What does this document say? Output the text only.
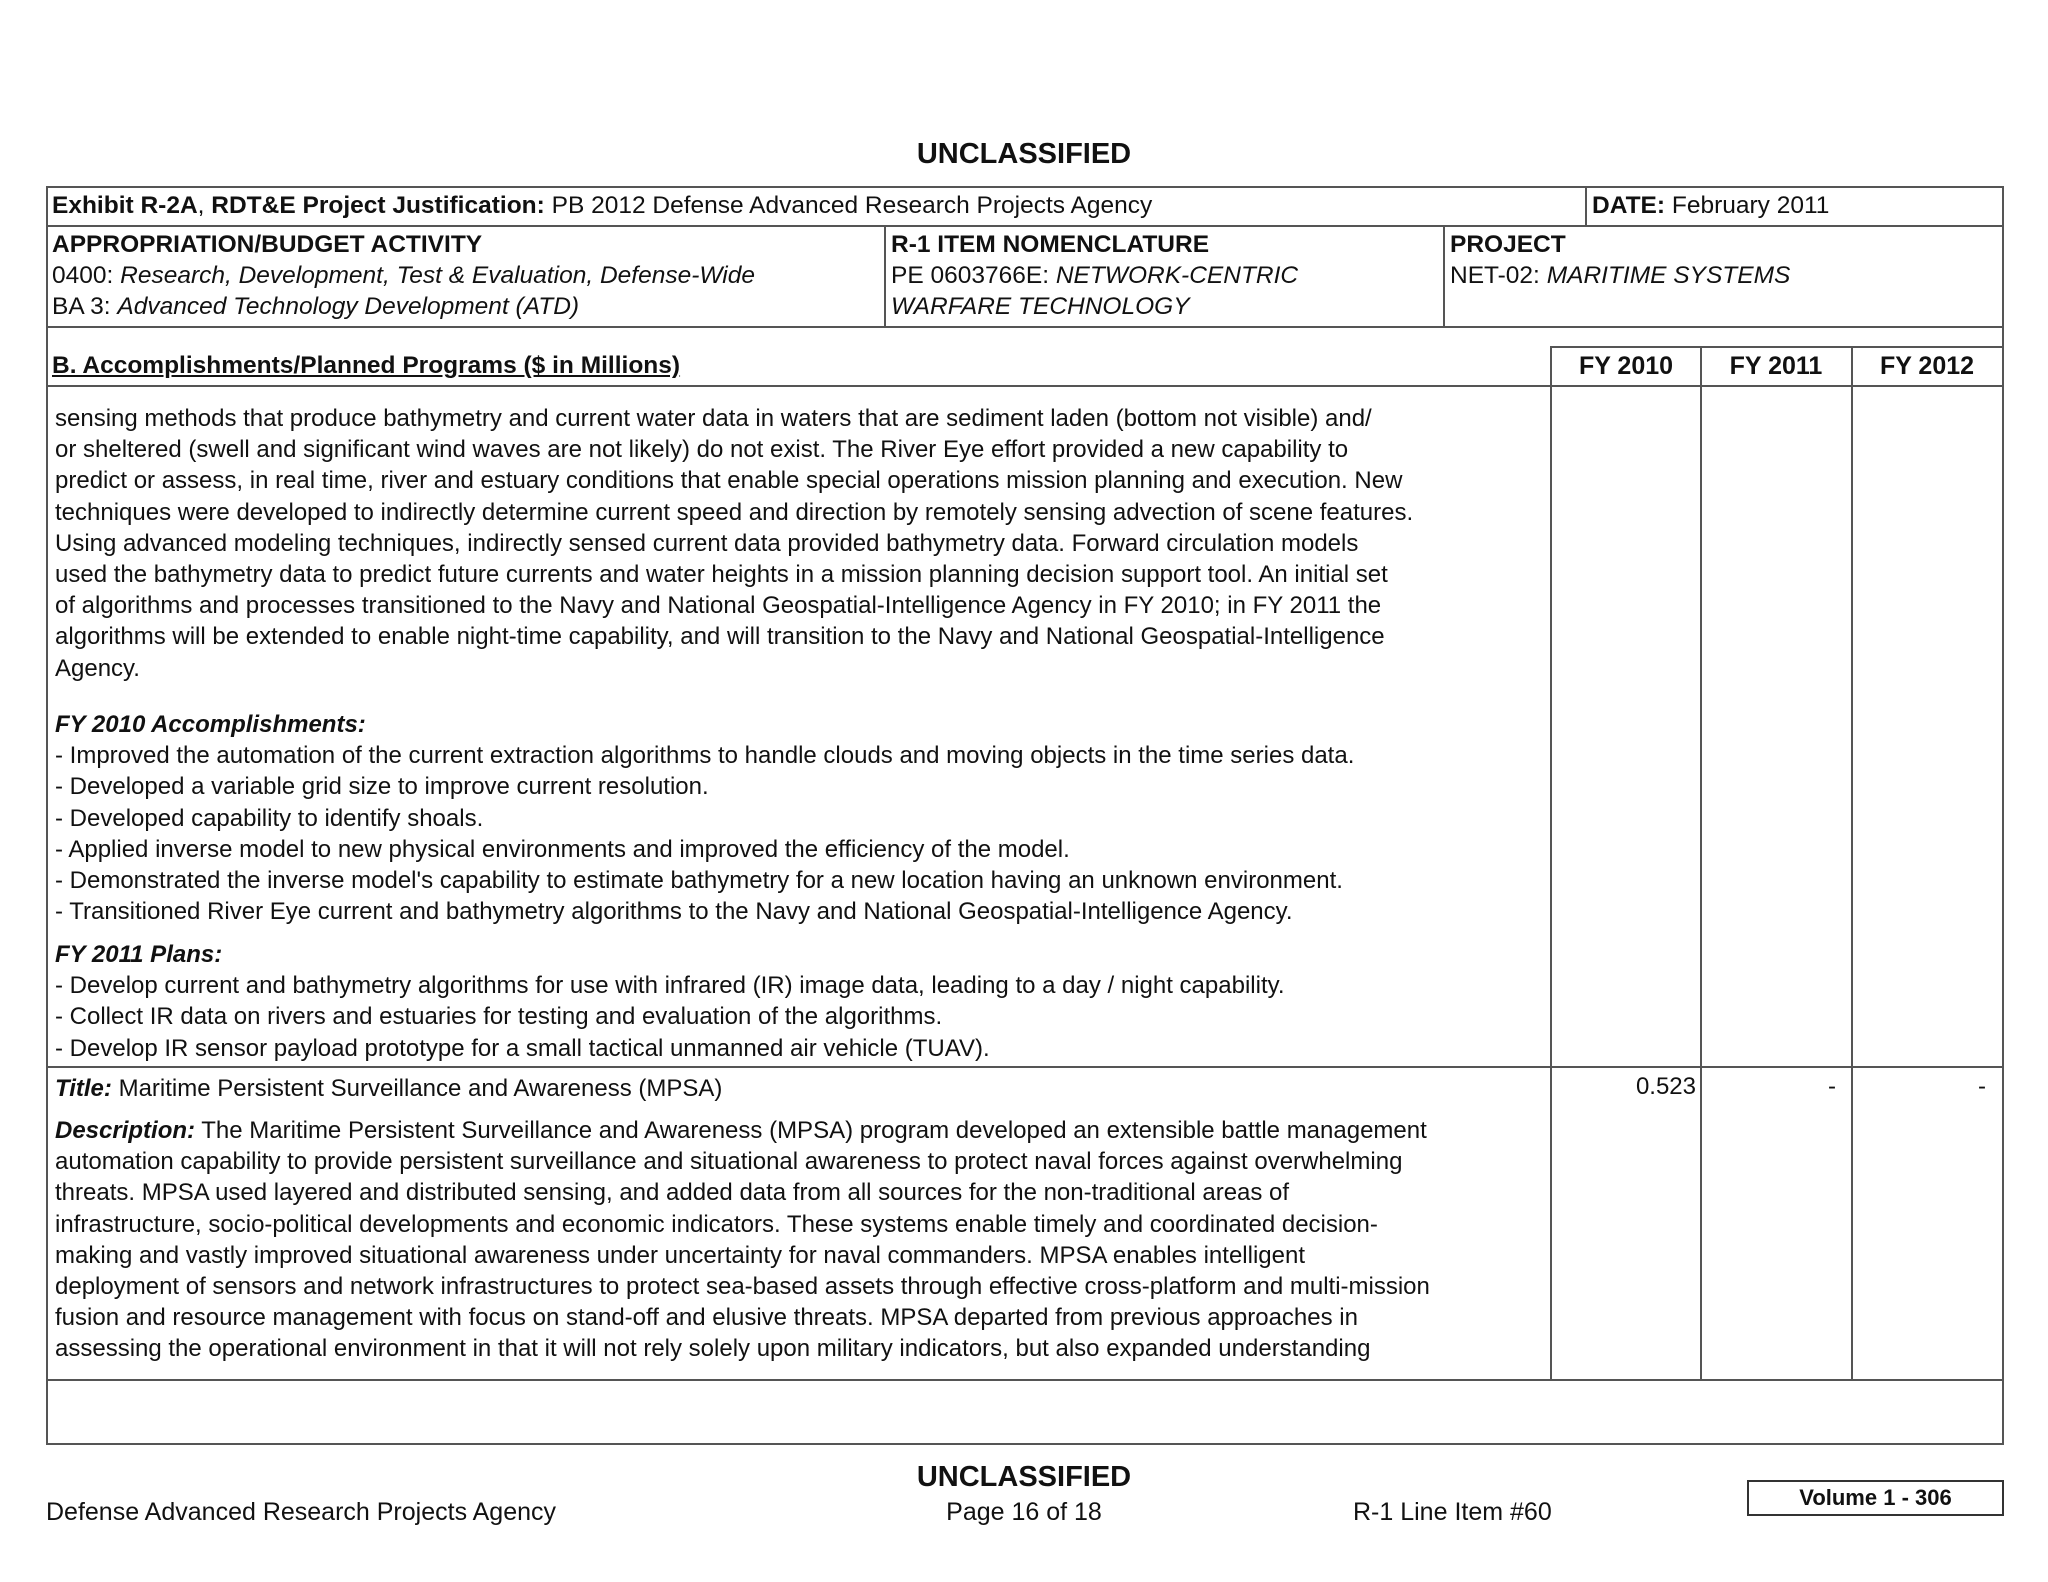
UNCLASSIFIED
Exhibit R-2A, RDT&E Project Justification: PB 2012 Defense Advanced Research Projects Agency	DATE: February 2011
APPROPRIATION/BUDGET ACTIVITY
0400: Research, Development, Test & Evaluation, Defense-Wide
BA 3: Advanced Technology Development (ATD)
R-1 ITEM NOMENCLATURE
PE 0603766E: NETWORK-CENTRIC
WARFARE TECHNOLOGY
PROJECT
NET-02: MARITIME SYSTEMS
B. Accomplishments/Planned Programs ($ in Millions)	FY 2010	FY 2011	FY 2012
sensing methods that produce bathymetry and current water data in waters that are sediment laden (bottom not visible) and/
or sheltered (swell and significant wind waves are not likely) do not exist. The River Eye effort provided a new capability to
predict or assess, in real time, river and estuary conditions that enable special operations mission planning and execution. New
techniques were developed to indirectly determine current speed and direction by remotely sensing advection of scene features.
Using advanced modeling techniques, indirectly sensed current data provided bathymetry data. Forward circulation models
used the bathymetry data to predict future currents and water heights in a mission planning decision support tool. An initial set
of algorithms and processes transitioned to the Navy and National Geospatial-Intelligence Agency in FY 2010; in FY 2011 the
algorithms will be extended to enable night-time capability, and will transition to the Navy and National Geospatial-Intelligence
Agency.
FY 2010 Accomplishments:
- Improved the automation of the current extraction algorithms to handle clouds and moving objects in the time series data.
- Developed a variable grid size to improve current resolution.
- Developed capability to identify shoals.
- Applied inverse model to new physical environments and improved the efficiency of the model.
- Demonstrated the inverse model's capability to estimate bathymetry for a new location having an unknown environment.
- Transitioned River Eye current and bathymetry algorithms to the Navy and National Geospatial-Intelligence Agency.
FY 2011 Plans:
- Develop current and bathymetry algorithms for use with infrared (IR) image data, leading to a day / night capability.
- Collect IR data on rivers and estuaries for testing and evaluation of the algorithms.
- Develop IR sensor payload prototype for a small tactical unmanned air vehicle (TUAV).
Title: Maritime Persistent Surveillance and Awareness (MPSA)	0.523	-	-
Description: The Maritime Persistent Surveillance and Awareness (MPSA) program developed an extensible battle management
automation capability to provide persistent surveillance and situational awareness to protect naval forces against overwhelming
threats. MPSA used layered and distributed sensing, and added data from all sources for the non-traditional areas of
infrastructure, socio-political developments and economic indicators. These systems enable timely and coordinated decision-
making and vastly improved situational awareness under uncertainty for naval commanders. MPSA enables intelligent
deployment of sensors and network infrastructures to protect sea-based assets through effective cross-platform and multi-mission
fusion and resource management with focus on stand-off and elusive threats. MPSA departed from previous approaches in
assessing the operational environment in that it will not rely solely upon military indicators, but also expanded understanding
UNCLASSIFIED
Defense Advanced Research Projects Agency	Page 16 of 18	R-1 Line Item #60
Volume 1 - 306
